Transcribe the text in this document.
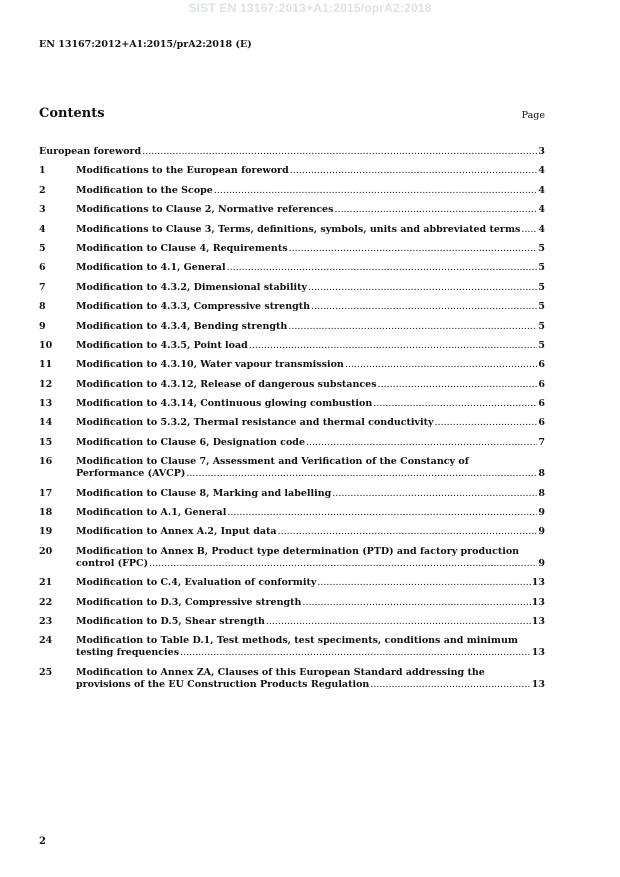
SIST EN 13167:2013+A1:2015/oprA2:2018
EN 13167:2012+A1:2015/prA2:2018 (E)
Contents	Page
European foreword .....	3
1	Modifications to the European foreword .....	4
2	Modification to the Scope .....	4
3	Modifications to Clause 2, Normative references .....	4
4	Modifications to Clause 3, Terms, definitions, symbols, units and abbreviated terms ..... 4
5	Modification to Clause 4, Requirements .....	5
6	Modification to 4.1, General .....	5
7	Modification to 4.3.2, Dimensional stability .....	5
8	Modification to 4.3.3, Compressive strength .....	5
9	Modification to 4.3.4, Bending strength .....	5
10	Modification to 4.3.5, Point load .....	5
11	Modification to 4.3.10, Water vapour transmission .....	6
12	Modification to 4.3.12, Release of dangerous substances .....	6
13	Modification to 4.3.14, Continuous glowing combustion .....	6
14	Modification to 5.3.2, Thermal resistance and thermal conductivity .....	6
15	Modification to Clause 6, Designation code .....	7
16	Modification to Clause 7, Assessment and Verification of the Constancy of
Performance (AVCP) .....	8
17	Modification to Clause 8, Marking and labelling .....	8
18	Modification to A.1, General .....	9
19	Modification to Annex A.2, Input data .....	9
20	Modification to Annex B, Product type determination (PTD) and factory production
control (FPC) .....	9
21	Modification to C.4, Evaluation of conformity .....	13
22	Modification to D.3, Compressive strength .....	13
23	Modification to D.5, Shear strength .....	13
24	Modification to Table D.1, Test methods, test speciments, conditions and minimum
testing frequencies .....	13
25	Modification to Annex ZA, Clauses of this European Standard addressing the
provisions of the EU Construction Products Regulation .....	13
2
